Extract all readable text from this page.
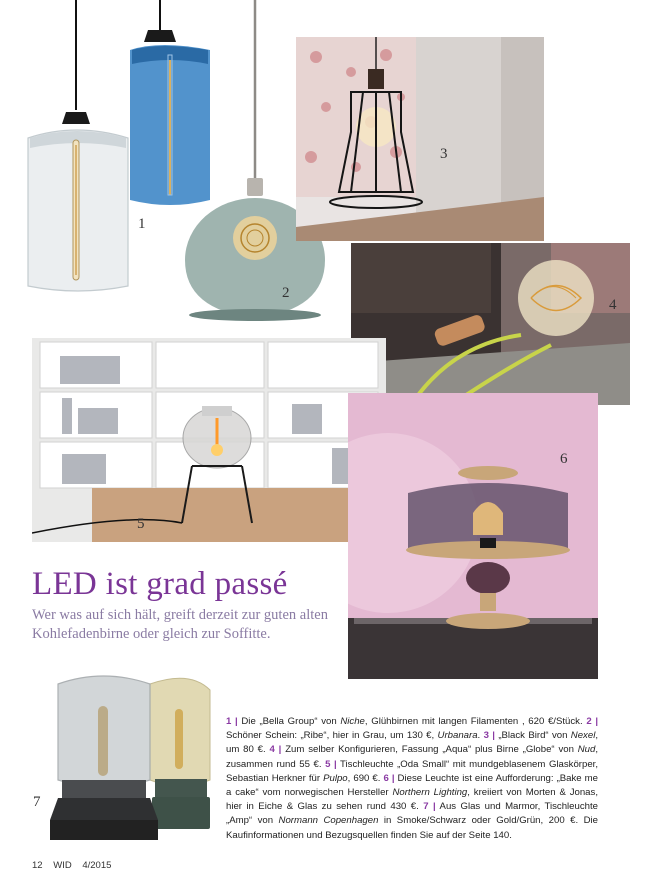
1
2
3
4
5
6
7
LED ist grad passé
Wer was auf sich hält, greift derzeit zur guten alten Kohlefadenbirne oder gleich zur Soffitte.
1 | Die „Bella Group“ von Niche, Glühbirnen mit langen Filamenten , 620 €/Stück. 2 | Schöner Schein: „Ribe“, hier in Grau, um 130 €, Urbanara. 3 | „Black Bird“ von Nexel, um 80 €. 4 | Zum selber Konfigurieren, Fassung „Aqua“ plus Birne „Globe“ von Nud, zusammen rund 55 €. 5 | Tischleuchte „Oda Small“ mit mundgeblasenem Glaskörper, Sebastian Herkner für Pulpo, 690 €. 6 | Diese Leuchte ist eine Aufforderung: „Bake me a cake“ vom norwegischen Hersteller Northern Lighting, kreiiert von Morten & Jonas, hier in Eiche & Glas zu sehen rund 430 €. 7 | Aus Glas und Marmor, Tischleuchte „Amp“ von Normann Copenhagen in Smoke/Schwarz oder Gold/Grün, 200 €. Die Kaufinformationen und Bezugsquellen finden Sie auf der Seite 140.
12 WID 4/2015
